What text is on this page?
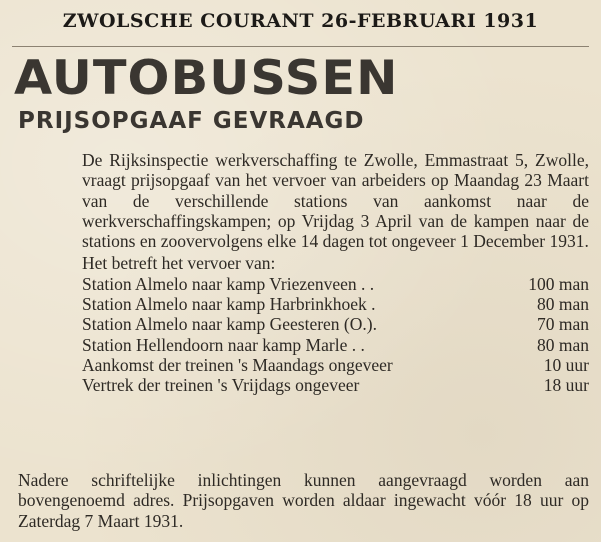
ZWOLSCHE COURANT 26-FEBRUARI 1931
AUTOBUSSEN
PRIJSOPGAAF GEVRAAGD
De Rijksinspectie werkverschaffing te Zwolle, Emmastraat 5, Zwolle, vraagt prijsopgaaf van het vervoer van arbeiders op Maandag 23 Maart van de verschillende stations van aankomst naar de werkverschaffingskampen; op Vrijdag 3 April van de kampen naar de stations en zoovervolgens elke 14 dagen tot ongeveer 1 December 1931.
Het betreft het vervoer van:
Station Almelo naar kamp Vriezenveen . .	100 man
Station Almelo naar kamp Harbrinkhoek .	80 man
Station Almelo naar kamp Geesteren (O.).	70 man
Station Hellendoorn naar kamp Marle . .	80 man
Aankomst der treinen 's Maandags ongeveer	10 uur
Vertrek der treinen 's Vrijdags ongeveer	18 uur
Nadere schriftelijke inlichtingen kunnen aangevraagd worden aan bovengenoemd adres. Prijsopgaven worden aldaar ingewacht vóór 18 uur op Zaterdag 7 Maart 1931.
